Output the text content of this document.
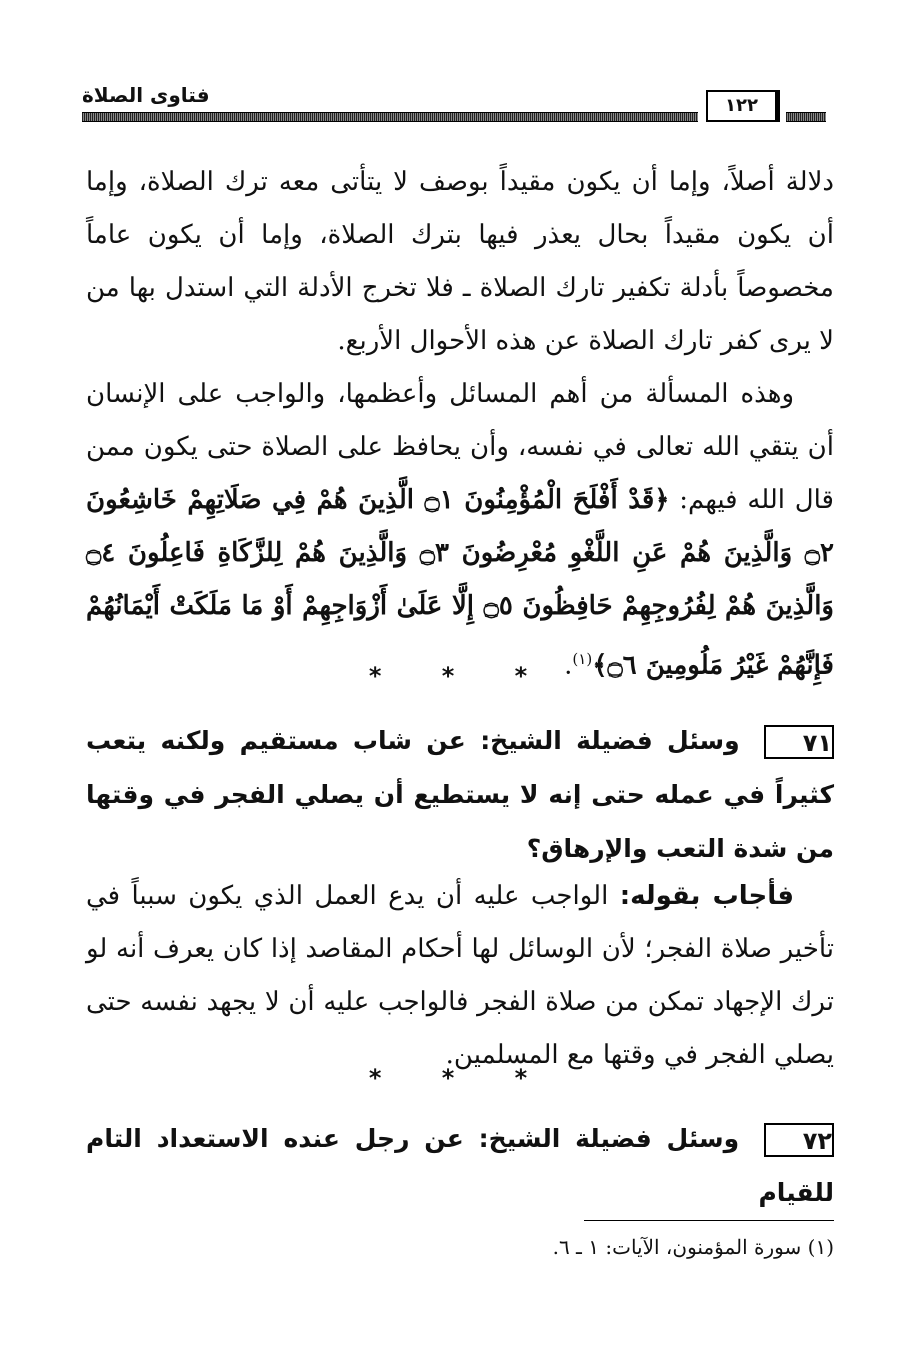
فتاوى الصلاة	١٢٢
دلالة أصلاً، وإما أن يكون مقيداً بوصف لا يتأتى معه ترك الصلاة، وإما أن يكون مقيداً بحال يعذر فيها بترك الصلاة، وإما أن يكون عاماً مخصوصاً بأدلة تكفير تارك الصلاة ـ فلا تخرج الأدلة التي استدل بها من لا يرى كفر تارك الصلاة عن هذه الأحوال الأربع.
وهذه المسألة من أهم المسائل وأعظمها، والواجب على الإنسان أن يتقي الله تعالى في نفسه، وأن يحافظ على الصلاة حتى يكون ممن قال الله فيهم: ﴿قَدْ أَفْلَحَ الْمُؤْمِنُونَ ۝١ الَّذِينَ هُمْ فِي صَلَاتِهِمْ خَاشِعُونَ ۝٢ وَالَّذِينَ هُمْ عَنِ اللَّغْوِ مُعْرِضُونَ ۝٣ وَالَّذِينَ هُمْ لِلزَّكَاةِ فَاعِلُونَ ۝٤ وَالَّذِينَ هُمْ لِفُرُوجِهِمْ حَافِظُونَ ۝٥ إِلَّا عَلَىٰ أَزْوَاجِهِمْ أَوْ مَا مَلَكَتْ أَيْمَانُهُمْ فَإِنَّهُمْ غَيْرُ مَلُومِينَ ۝٦﴾$^{(١)}$.
* * *
٧١ وسئل فضيلة الشيخ: عن شاب مستقيم ولكنه يتعب كثيراً في عمله حتى إنه لا يستطيع أن يصلي الفجر في وقتها من شدة التعب والإرهاق؟
فأجاب بقوله: الواجب عليه أن يدع العمل الذي يكون سبباً في تأخير صلاة الفجر؛ لأن الوسائل لها أحكام المقاصد إذا كان يعرف أنه لو ترك الإجهاد تمكن من صلاة الفجر فالواجب عليه أن لا يجهد نفسه حتى يصلي الفجر في وقتها مع المسلمين.
* * *
٧٢ وسئل فضيلة الشيخ: عن رجل عنده الاستعداد التام للقيام
(١) سورة المؤمنون، الآيات: ١ ـ ٦.
